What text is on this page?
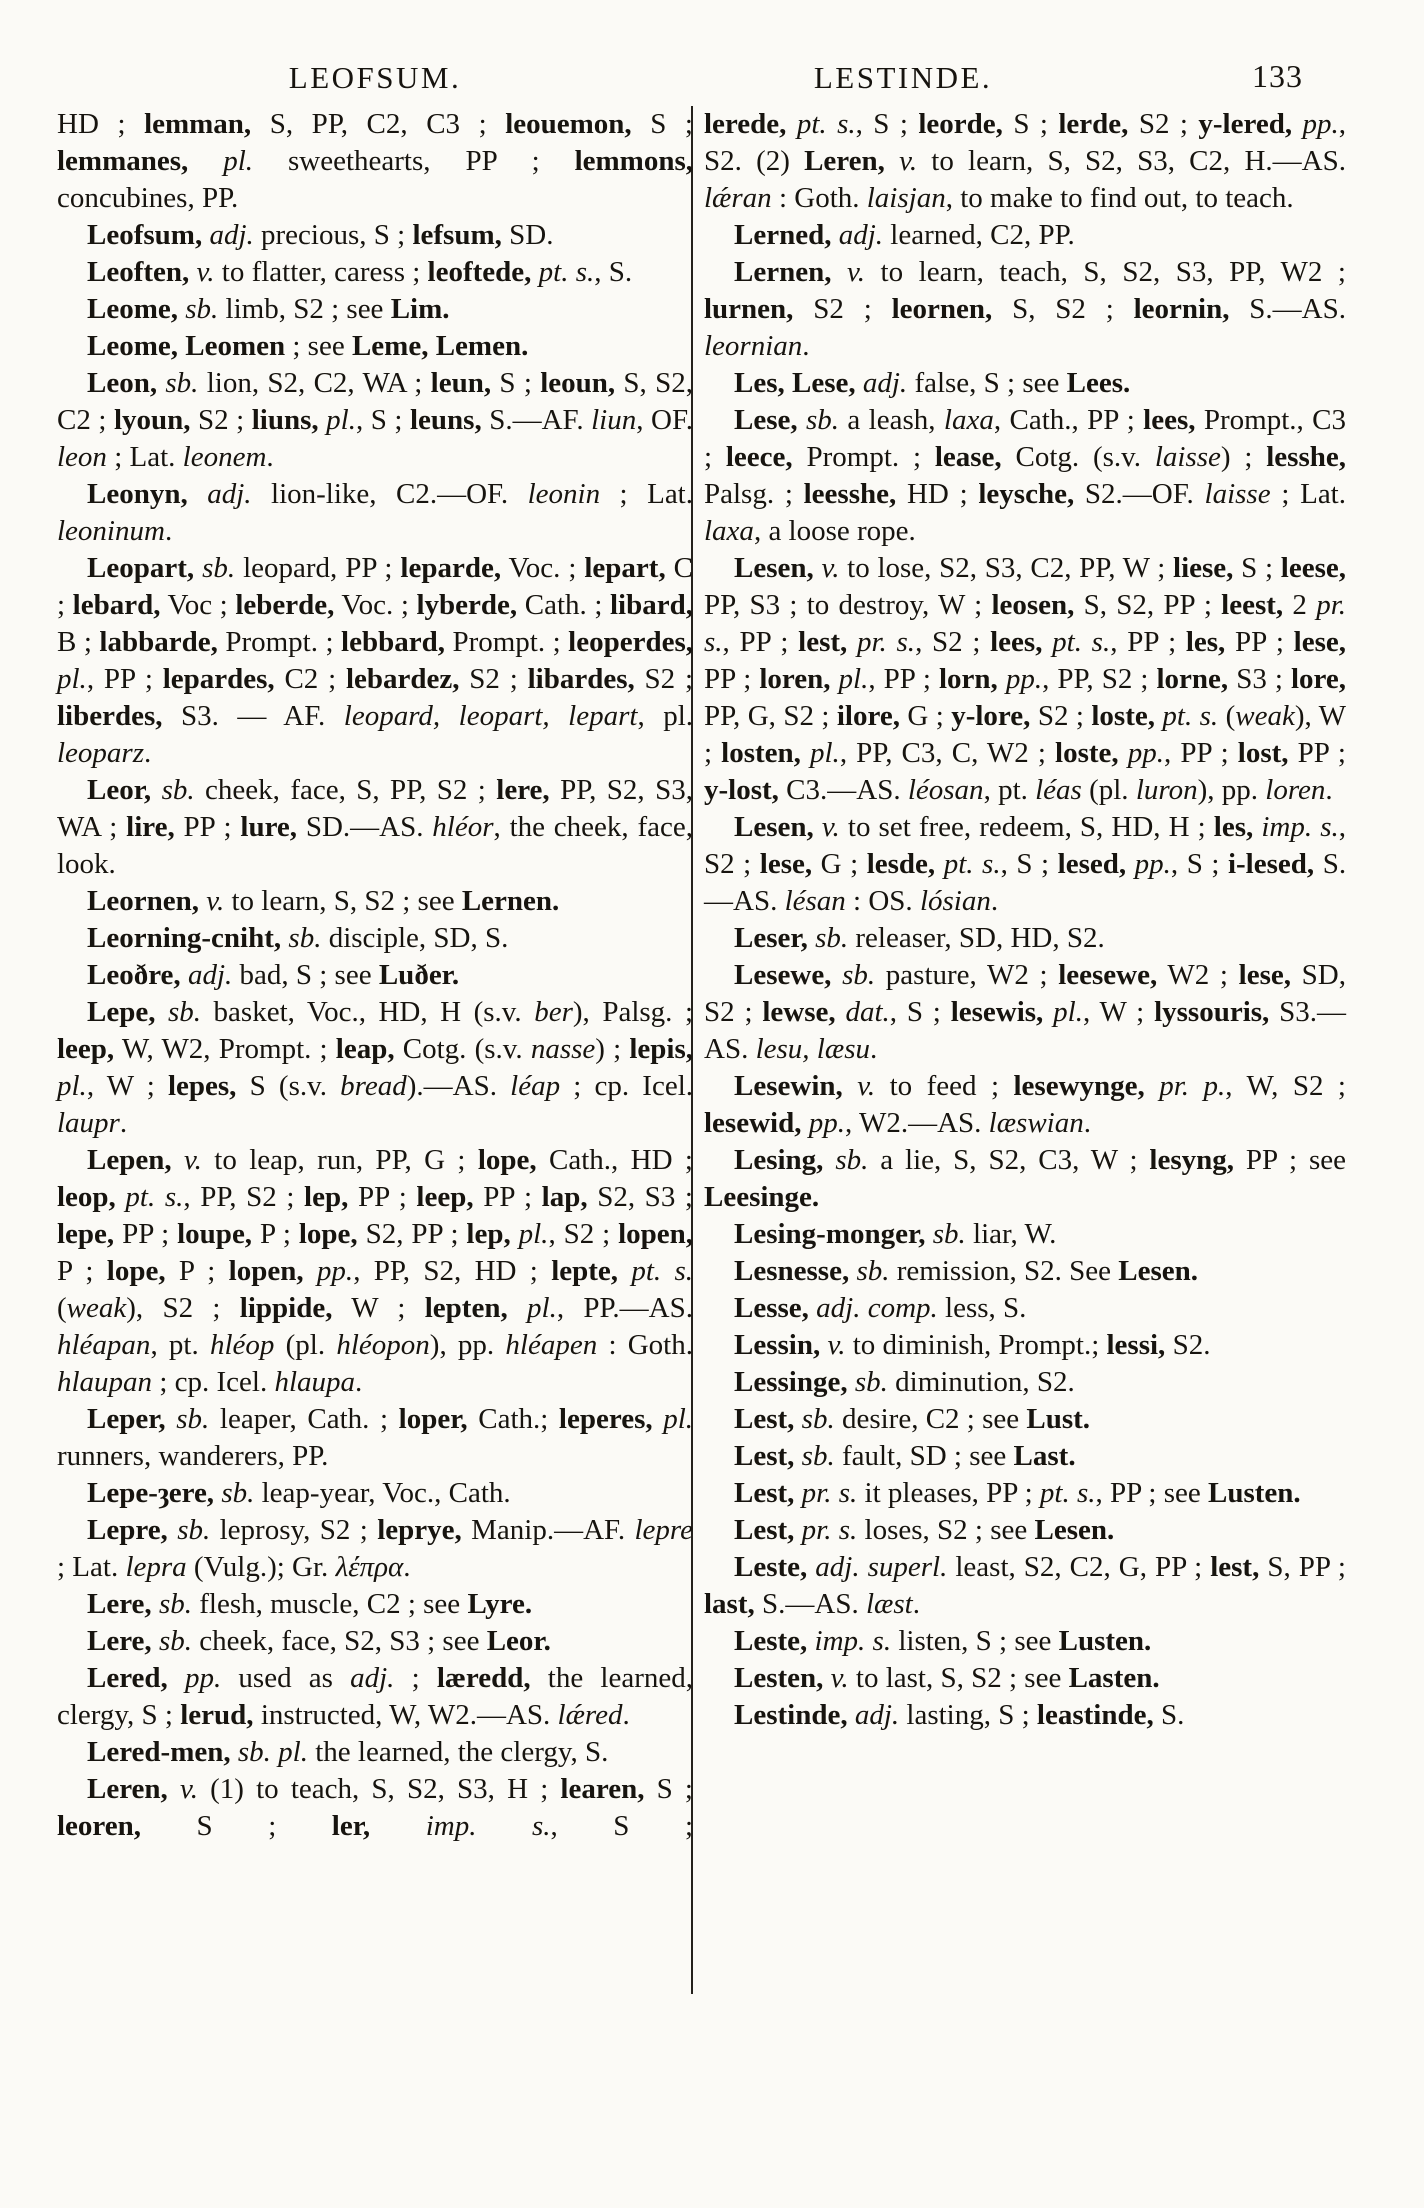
LEOFSUM.	LESTINDE.	133

HD ; lemman, S, PP, C2, C3 ; leouemon, S ; lemmanes, pl. sweethearts, PP ; lemmons, concubines, PP.

Leofsum, adj. precious, S ; lefsum, SD.

Leoften, v. to flatter, caress ; leoftede, pt. s., S.

Leome, sb. limb, S2 ; see Lim.

Leome, Leomen ; see Leme, Lemen.

Leon, sb. lion, S2, C2, WA ; leun, S ; leoun, S, S2, C2 ; lyoun, S2 ; liuns, pl., S ; leuns, S.—AF. liun, OF. leon ; Lat. leonem.

Leonyn, adj. lion-like, C2.—OF. leonin ; Lat. leoninum.

Leopart, sb. leopard, PP ; leparde, Voc. ; lepart, C ; lebard, Voc ; leberde, Voc. ; lyberde, Cath. ; libard, B ; labbarde, Prompt. ; lebbard, Prompt. ; leoperdes, pl., PP ; lepardes, C2 ; lebardez, S2 ; libardes, S2 ; liberdes, S3. — AF. leopard, leopart, lepart, pl. leoparz.

Leor, sb. cheek, face, S, PP, S2 ; lere, PP, S2, S3, WA ; lire, PP ; lure, SD.—AS. hléor, the cheek, face, look.

Leornen, v. to learn, S, S2 ; see Lernen.

Leorning-cniht, sb. disciple, SD, S.

Leoðre, adj. bad, S ; see Luðer.

Lepe, sb. basket, Voc., HD, H (s.v. ber), Palsg. ; leep, W, W2, Prompt. ; leap, Cotg. (s.v. nasse) ; lepis, pl., W ; lepes, S (s.v. bread).—AS. léap ; cp. Icel. laupr.

Lepen, v. to leap, run, PP, G ; lope, Cath., HD ; leop, pt. s., PP, S2 ; lep, PP ; leep, PP ; lap, S2, S3 ; lepe, PP ; loupe, P ; lope, S2, PP ; lep, pl., S2 ; lopen, P ; lope, P ; lopen, pp., PP, S2, HD ; lepte, pt. s. (weak), S2 ; lippide, W ; lepten, pl., PP.—AS. hléapan, pt. hléop (pl. hléopon), pp. hléapen : Goth. hlaupan ; cp. Icel. hlaupa.

Leper, sb. leaper, Cath. ; loper, Cath.; leperes, pl. runners, wanderers, PP.

Lepe-ȝere, sb. leap-year, Voc., Cath.

Lepre, sb. leprosy, S2 ; leprye, Manip.—AF. lepre ; Lat. lepra (Vulg.); Gr. λέπρα.

Lere, sb. flesh, muscle, C2 ; see Lyre.

Lere, sb. cheek, face, S2, S3 ; see Leor.

Lered, pp. used as adj. ; læredd, the learned, clergy, S ; lerud, instructed, W, W2.—AS. lǽred.

Lered-men, sb. pl. the learned, the clergy, S.

Leren, v. (1) to teach, S, S2, S3, H ; learen, S ; leoren, S ; ler, imp. s., S ;

lerede, pt. s., S ; leorde, S ; lerde, S2 ; y-lered, pp., S2. (2) Leren, v. to learn, S, S2, S3, C2, H.—AS. lǽran : Goth. laisjan, to make to find out, to teach.

Lerned, adj. learned, C2, PP.

Lernen, v. to learn, teach, S, S2, S3, PP, W2 ; lurnen, S2 ; leornen, S, S2 ; leornin, S.—AS. leornian.

Les, Lese, adj. false, S ; see Lees.

Lese, sb. a leash, laxa, Cath., PP ; lees, Prompt., C3 ; leece, Prompt. ; lease, Cotg. (s.v. laisse) ; lesshe, Palsg. ; leesshe, HD ; leysche, S2.—OF. laisse ; Lat. laxa, a loose rope.

Lesen, v. to lose, S2, S3, C2, PP, W ; liese, S ; leese, PP, S3 ; to destroy, W ; leosen, S, S2, PP ; leest, 2 pr. s., PP ; lest, pr. s., S2 ; lees, pt. s., PP ; les, PP ; lese, PP ; loren, pl., PP ; lorn, pp., PP, S2 ; lorne, S3 ; lore, PP, G, S2 ; ilore, G ; y-lore, S2 ; loste, pt. s. (weak), W ; losten, pl., PP, C3, C, W2 ; loste, pp., PP ; lost, PP ; y-lost, C3.—AS. léosan, pt. léas (pl. luron), pp. loren.

Lesen, v. to set free, redeem, S, HD, H ; les, imp. s., S2 ; lese, G ; lesde, pt. s., S ; lesed, pp., S ; i-lesed, S.—AS. lésan : OS. lósian.

Leser, sb. releaser, SD, HD, S2.

Lesewe, sb. pasture, W2 ; leesewe, W2 ; lese, SD, S2 ; lewse, dat., S ; lesewis, pl., W ; lyssouris, S3.—AS. lesu, læsu.

Lesewin, v. to feed ; lesewynge, pr. p., W, S2 ; lesewid, pp., W2.—AS. læswian.

Lesing, sb. a lie, S, S2, C3, W ; lesyng, PP ; see Leesinge.

Lesing-monger, sb. liar, W.

Lesnesse, sb. remission, S2. See Lesen.

Lesse, adj. comp. less, S.

Lessin, v. to diminish, Prompt.; lessi, S2.

Lessinge, sb. diminution, S2.

Lest, sb. desire, C2 ; see Lust.

Lest, sb. fault, SD ; see Last.

Lest, pr. s. it pleases, PP ; pt. s., PP ; see Lusten.

Lest, pr. s. loses, S2 ; see Lesen.

Leste, adj. superl. least, S2, C2, G, PP ; lest, S, PP ; last, S.—AS. læst.

Leste, imp. s. listen, S ; see Lusten.

Lesten, v. to last, S, S2 ; see Lasten.

Lestinde, adj. lasting, S ; leastinde, S.
